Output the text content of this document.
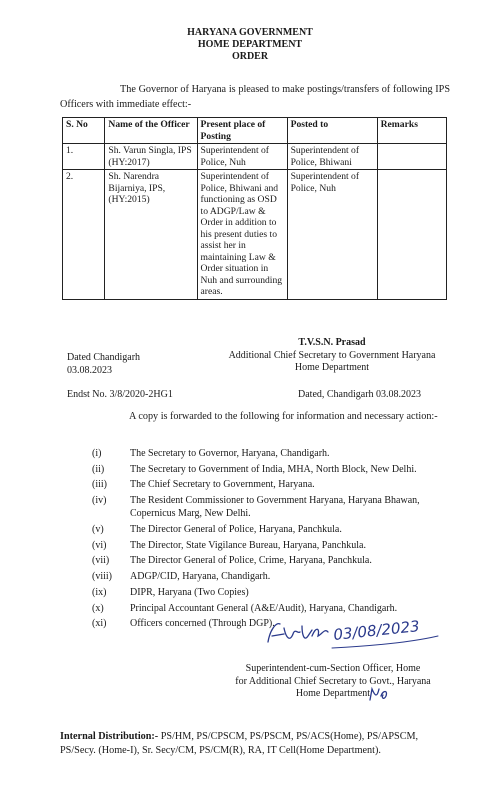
HARYANA GOVERNMENT
HOME DEPARTMENT
ORDER
The Governor of Haryana is pleased to make postings/transfers of following IPS Officers with immediate effect:-
S. No	Name of the Officer	Present place of Posting	Posted to	Remarks
1.	Sh. Varun Singla, IPS (HY:2017)	Superintendent of Police, Nuh	Superintendent of Police, Bhiwani	
2.	Sh. Narendra Bijarniya, IPS, (HY:2015)	Superintendent of Police, Bhiwani and functioning as OSD to ADGP/Law & Order in addition to his present duties to assist her in maintaining Law & Order situation in Nuh and surrounding areas.	Superintendent of Police, Nuh	
T.V.S.N. Prasad
Additional Chief Secretary to Government Haryana
Home Department
Dated Chandigarh
03.08.2023
Endst No. 3/8/2020-2HG1	Dated, Chandigarh 03.08.2023
A copy is forwarded to the following for information and necessary action:-
(i)	The Secretary to Governor, Haryana, Chandigarh.
(ii)	The Secretary to Government of India, MHA, North Block, New Delhi.
(iii) The Chief Secretary to Government, Haryana.
(iv) The Resident Commissioner to Government Haryana, Haryana Bhawan, Copernicus Marg, New Delhi.
(v)	The Director General of Police, Haryana, Panchkula.
(vi) The Director, State Vigilance Bureau, Haryana, Panchkula.
(vii) The Director General of Police, Crime, Haryana, Panchkula.
(viii) ADGP/CID, Haryana, Chandigarh.
(ix) DIPR, Haryana (Two Copies)
(x)	Principal Accountant General (A&E/Audit), Haryana, Chandigarh.
(xi) Officers concerned (Through DGP).	03/08/2023
Superintendent-cum-Section Officer, Home
for Additional Chief Secretary to Govt., Haryana
Home Department
Internal Distribution:- PS/HM, PS/CPSCM, PS/PSCM, PS/ACS(Home), PS/APSCM, PS/Secy. (Home-I), Sr. Secy/CM, PS/CM(R), RA, IT Cell(Home Department).
